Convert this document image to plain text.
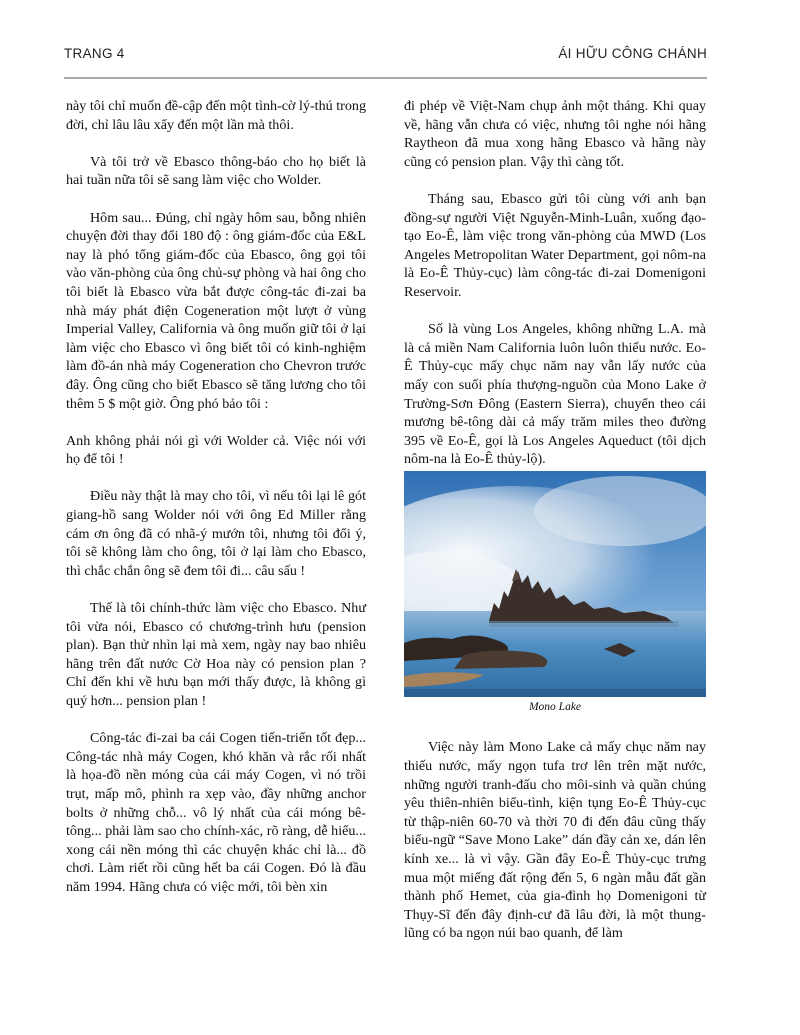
TRANG 4	ÁI HỮU CÔNG CHÁNH

này tôi chỉ muốn đề-cập đến một tình-cờ lý-thú trong đời, chỉ lâu lâu xẩy đến một lần mà thôi.

Và tôi trở về Ebasco thông-báo cho họ biết là hai tuần nữa tôi sẽ sang làm việc cho Wolder.

Hôm sau... Đúng, chỉ ngày hôm sau, bỗng nhiên chuyện đời thay đổi 180 độ : ông giám-đốc của E&L nay là phó tổng giám-đốc của Ebasco, ông gọi tôi vào văn-phòng của ông chủ-sự phòng và hai ông cho tôi biết là Ebasco vừa bắt được công-tác đi-zai ba nhà máy phát điện Cogeneration một lượt ở vùng Imperial Valley, California và ông muốn giữ tôi ở lại làm việc cho Ebasco vì ông biết tôi có kinh-nghiệm làm đồ-án nhà máy Cogeneration cho Chevron trước đây. Ông cũng cho biết Ebasco sẽ tăng lương cho tôi thêm 5 $ một giờ. Ông phó bảo tôi :

Anh không phải nói gì với Wolder cả. Việc nói với họ để tôi !

Điều này thật là may cho tôi, vì nếu tôi lại lê gót giang-hồ sang Wolder nói với ông Ed Miller rằng cám ơn ông đã có nhã-ý mướn tôi, nhưng tôi đổi ý, tôi sẽ không làm cho ông, tôi ở lại làm cho Ebasco, thì chắc chắn ông sẽ đem tôi đi... câu sấu !

Thế là tôi chính-thức làm việc cho Ebasco. Như tôi vừa nói, Ebasco có chương-trình hưu (pension plan). Bạn thử nhìn lại mà xem, ngày nay bao nhiêu hãng trên đất nước Cờ Hoa này có pension plan ? Chỉ đến khi về hưu bạn mới thấy được, là không gì quý hơn... pension plan !

Công-tác đi-zai ba cái Cogen tiến-triển tốt đẹp... Công-tác nhà máy Cogen, khó khăn và rắc rối nhất là họa-đồ nền móng của cái máy Cogen, vì nó trồi trụt, mấp mô, phình ra xẹp vào, đầy những anchor bolts ở những chỗ... vô lý nhất của cái móng bê-tông... phải làm sao cho chính-xác, rõ ràng, dễ hiểu... xong cái nền móng thì các chuyện khác chỉ là... đồ chơi. Làm riết rồi cũng hết ba cái Cogen. Đó là đầu năm 1994. Hãng chưa có việc mới, tôi bèn xin

đi phép về Việt-Nam chụp ảnh một tháng. Khi quay về, hãng vẫn chưa có việc, nhưng tôi nghe nói hãng Raytheon đã mua xong hãng Ebasco và hãng này cũng có pension plan. Vậy thì càng tốt.

Tháng sau, Ebasco gửi tôi cùng với anh bạn đồng-sự người Việt Nguyễn-Minh-Luân, xuống đạo-tạo Eo-Ê, làm việc trong văn-phòng của MWD (Los Angeles Metropolitan Water Department, gọi nôm-na là Eo-Ê Thủy-cục) làm công-tác đi-zai Domenigoni Reservoir.

Số là vùng Los Angeles, không những L.A. mà là cả miền Nam California luôn luôn thiếu nước. Eo-Ê Thủy-cục mấy chục năm nay vẫn lấy nước của mấy con suối phía thượng-nguồn của Mono Lake ở Trường-Sơn Đông (Eastern Sierra), chuyển theo cái mương bê-tông dài cả mấy trăm miles theo đường 395 về Eo-Ê, gọi là Los Angeles Aqueduct (tôi dịch nôm-na là Eo-Ê thủy-lộ).

Mono Lake

Việc này làm Mono Lake cả mấy chục năm nay thiếu nước, mấy ngọn tufa trơ lên trên mặt nước, những người tranh-đấu cho môi-sinh và quần chúng yêu thiên-nhiên biểu-tình, kiện tụng Eo-Ê Thủy-cục từ thập-niên 60-70 và thời 70 đi đến đâu cũng thấy biểu-ngữ “Save Mono Lake” dán đầy cản xe, dán lên kính xe... là vì vậy. Gần đây Eo-Ê Thủy-cục trưng mua một miếng đất rộng đến 5, 6 ngàn mẫu đất gần thành phố Hemet, của gia-đình họ Domenigoni từ Thụy-Sĩ đến đây định-cư đã lâu đời, là một thung-lũng có ba ngọn núi bao quanh, để làm
